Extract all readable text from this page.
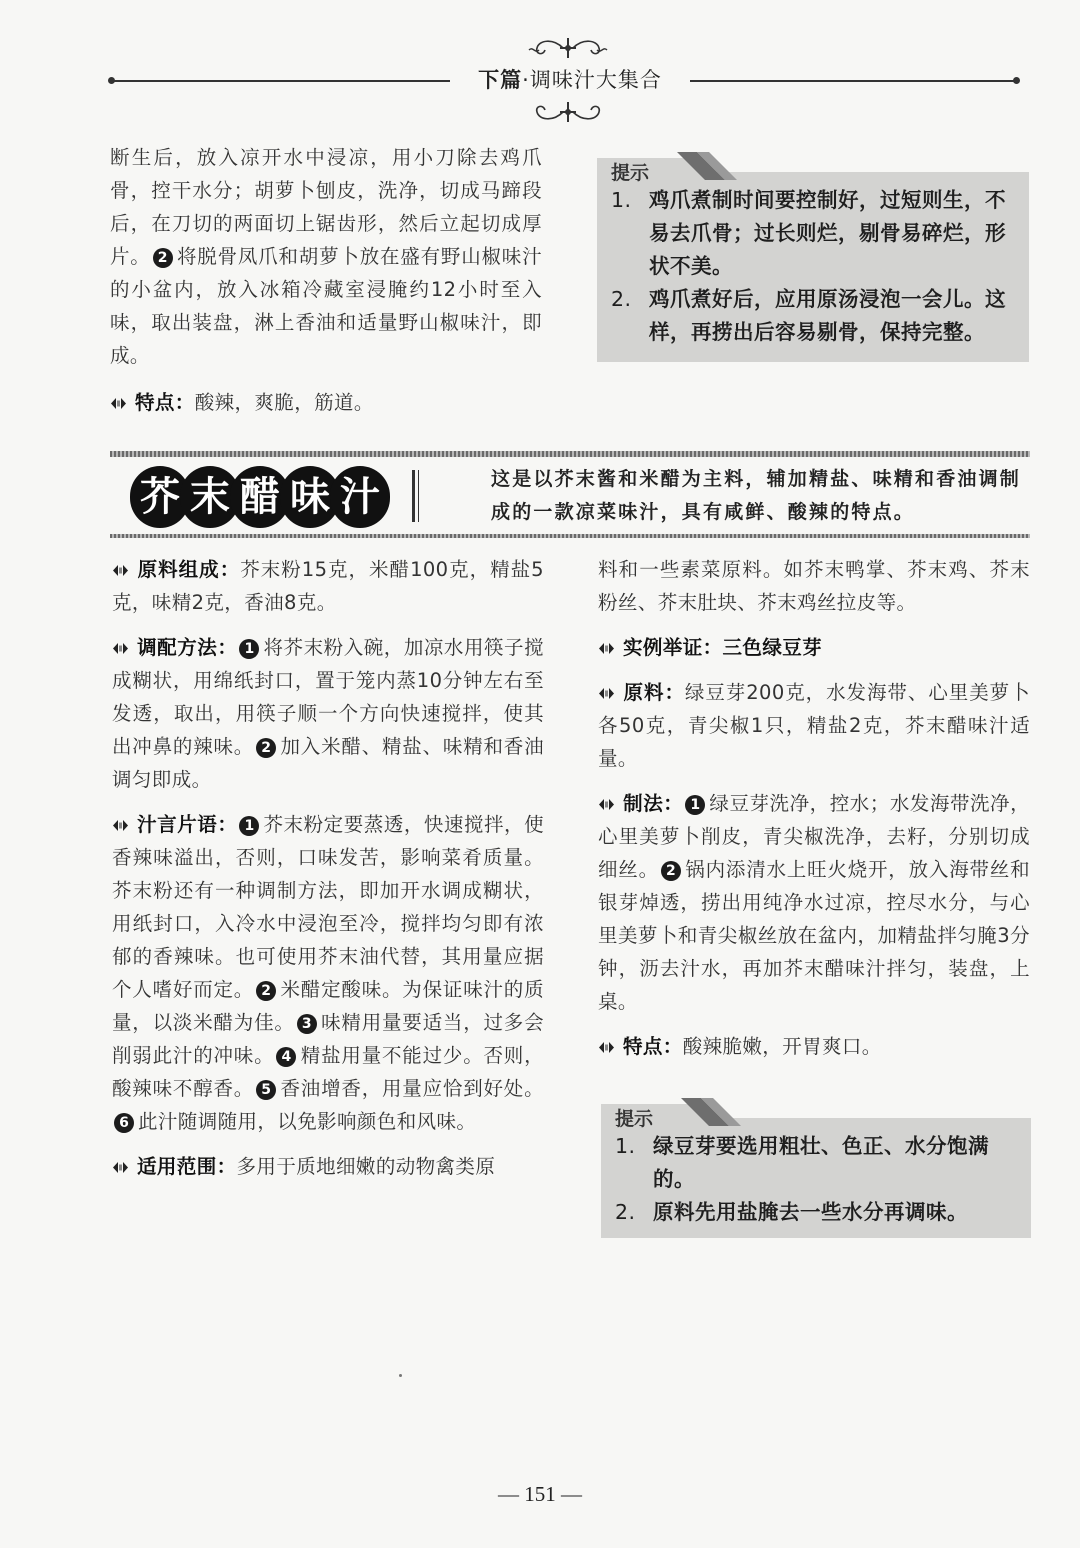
下篇·调味汁大集合

断生后，放入凉开水中浸凉，用小刀除去鸡爪骨，控干水分；胡萝卜刨皮，洗净，切成马蹄段后，在刀切的两面切上锯齿形，然后立起切成厚片。 2 将脱骨凤爪和胡萝卜放在盛有野山椒味汁的小盆内，放入冰箱冷藏室浸腌约12小时至入味，取出装盘，淋上香油和适量野山椒味汁，即成。

特点：酸辣，爽脆，筋道。

提示
1. 鸡爪煮制时间要控制好，过短则生，不易去爪骨；过长则烂，剔骨易碎烂，形状不美。
2. 鸡爪煮好后，应用原汤浸泡一会儿。这样，再捞出后容易剔骨，保持完整。
芥 末 醋 味 汁	这是以芥末酱和米醋为主料，辅加精盐、味精和香油调制成的一款凉菜味汁，具有咸鲜、酸辣的特点。

原料组成：芥末粉15克，米醋100克，精盐5克，味精2克，香油8克。

调配方法： 1 将芥末粉入碗，加凉水用筷子搅成糊状，用绵纸封口，置于笼内蒸10分钟左右至发透，取出，用筷子顺一个方向快速搅拌，使其出冲鼻的辣味。 2 加入米醋、精盐、味精和香油调匀即成。

汁言片语： 1 芥末粉定要蒸透，快速搅拌，使香辣味溢出，否则，口味发苦，影响菜肴质量。芥末粉还有一种调制方法，即加开水调成糊状，用纸封口，入冷水中浸泡至冷，搅拌均匀即有浓郁的香辣味。也可使用芥末油代替，其用量应据个人嗜好而定。 2 米醋定酸味。为保证味汁的质量，以淡米醋为佳。 3 味精用量要适当，过多会削弱此汁的冲味。 4 精盐用量不能过少。否则，酸辣味不醇香。 5 香油增香，用量应恰到好处。6 此汁随调随用，以免影响颜色和风味。

适用范围：多用于质地细嫩的动物禽类原

料和一些素菜原料。如芥末鸭掌、芥末鸡、芥末粉丝、芥末肚块、芥末鸡丝拉皮等。

实例举证：三色绿豆芽

原料：绿豆芽200克，水发海带、心里美萝卜各50克，青尖椒1只，精盐2克，芥末醋味汁适量。

制法： 1 绿豆芽洗净，控水；水发海带洗净，心里美萝卜削皮，青尖椒洗净，去籽，分别切成细丝。 2 锅内添清水上旺火烧开，放入海带丝和银芽焯透，捞出用纯净水过凉，控尽水分，与心里美萝卜和青尖椒丝放在盆内，加精盐拌匀腌3分钟，沥去汁水，再加芥末醋味汁拌匀，装盘，上桌。

特点：酸辣脆嫩，开胃爽口。

提示
1. 绿豆芽要选用粗壮、色正、水分饱满的。
2. 原料先用盐腌去一些水分再调味。
— 151 —
